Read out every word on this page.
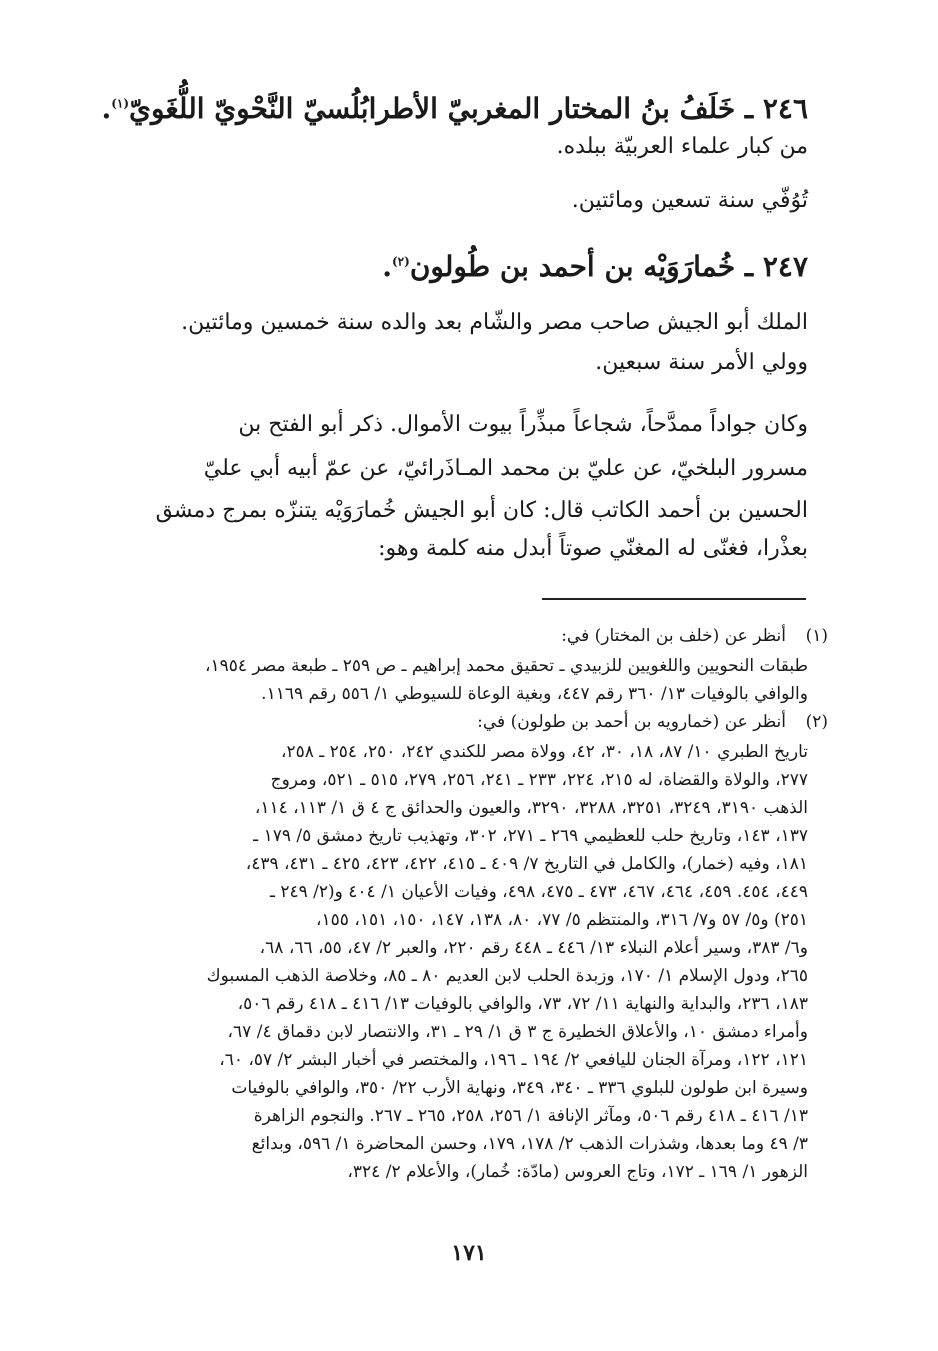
٢٤٦ ـ خَلَفُ بنُ المختار المغربيّ الأطرابُلُسيّ النَّحْويّ اللُّغَويّ$^{(١)}$.
من كبار علماء العربيّة ببلده.
تُوُفّي سنة تسعين ومائتين.
٢٤٧ ـ خُمارَوَيْه بن أحمد بن طُولون$^{(٢)}$.
الملك أبو الجيش صاحب مصر والشّام بعد والده سنة خمسين ومائتين.
وولي الأمر سنة سبعين.
وكان جواداً ممدَّحاً، شجاعاً مبذِّراً بيوت الأموال. ذكر أبو الفتح بن
مسرور البلخيّ، عن عليّ بن محمد المـاذَرائيّ، عن عمّ أبيه أبي عليّ
الحسين بن أحمد الكاتب قال: كان أبو الجيش خُمارَوَيْه يتنزّه بمرج دمشق
بعذْرا، فغنّى له المغنّي صوتاً أبدل منه كلمة وهو:
(١)
أنظر عن (خلف بن المختار) في:
طبقات النحويين واللغويين للزبيدي ـ تحقيق محمد إبراهيم ـ ص ٢٥٩ ـ طبعة مصر ١٩٥٤،
والوافي بالوفيات ١٣/ ٣٦٠ رقم ٤٤٧، وبغية الوعاة للسيوطي ١/ ٥٥٦ رقم ١١٦٩.
(٢)
أنظر عن (خمارويه بن أحمد بن طولون) في:
تاريخ الطبري ١٠/ ٨٧، ١٨، ٣٠، ٤٢، وولاة مصر للكندي ٢٤٢، ٢٥٠، ٢٥٤ ـ ٢٥٨،
٢٧٧، والولاة والقضاة، له ٢١٥، ٢٢٤، ٢٣٣ ـ ٢٤١، ٢٥٦، ٢٧٩، ٥١٥ ـ ٥٢١، ومروج
الذهب ٣١٩٠، ٣٢٤٩، ٣٢٥١، ٣٢٨٨، ٣٢٩٠، والعيون والحدائق ج ٤ ق ١/ ١١٣، ١١٤،
١٣٧، ١٤٣، وتاريخ حلب للعظيمي ٢٦٩ ـ ٢٧١، ٣٠٢، وتهذيب تاريخ دمشق ٥/ ١٧٩ ـ
١٨١، وفيه (خمار)، والكامل في التاريخ ٧/ ٤٠٩ ـ ٤١٥، ٤٢٢، ٤٢٣، ٤٢٥ ـ ٤٣١، ٤٣٩،
٤٤٩، ٤٥٤. ٤٥٩، ٤٦٤، ٤٦٧، ٤٧٣ ـ ٤٧٥، ٤٩٨، وفيات الأعيان ١/ ٤٠٤ و(٢/ ٢٤٩ ـ
٢٥١) و٥/ ٥٧ و٧/ ٣١٦، والمنتظم ٥/ ٧٧، ٨٠، ١٣٨، ١٤٧، ١٥٠، ١٥١، ١٥٥،
و٦/ ٣٨٣، وسير أعلام النبلاء ١٣/ ٤٤٦ ـ ٤٤٨ رقم ٢٢٠، والعبر ٢/ ٤٧، ٥٥، ٦٦، ٦٨،
٢٦٥، ودول الإسلام ١/ ١٧٠، وزبدة الحلب لابن العديم ٨٠ ـ ٨٥، وخلاصة الذهب المسبوك
١٨٣، ٢٣٦، والبداية والنهاية ١١/ ٧٢، ٧٣، والوافي بالوفيات ١٣/ ٤١٦ ـ ٤١٨ رقم ٥٠٦،
وأمراء دمشق ١٠، والأعلاق الخطيرة ج ٣ ق ١/ ٢٩ ـ ٣١، والانتصار لابن دقماق ٤/ ٦٧،
١٢١، ١٢٢، ومرآة الجنان لليافعي ٢/ ١٩٤ ـ ١٩٦، والمختصر في أخبار البشر ٢/ ٥٧، ٦٠،
وسيرة ابن طولون للبلوي ٣٣٦ ـ ٣٤٠، ٣٤٩، ونهاية الأرب ٢٢/ ٣٥٠، والوافي بالوفيات
١٣/ ٤١٦ ـ ٤١٨ رقم ٥٠٦، ومآثر الإنافة ١/ ٢٥٦، ٢٥٨، ٢٦٥ ـ ٢٦٧. والنجوم الزاهرة
٣/ ٤٩ وما بعدها، وشذرات الذهب ٢/ ١٧٨، ١٧٩، وحسن المحاضرة ١/ ٥٩٦، وبدائع
الزهور ١/ ١٦٩ ـ ١٧٢، وتاج العروس (مادّة: خُمار)، والأعلام ٢/ ٣٢٤،
١٧١
